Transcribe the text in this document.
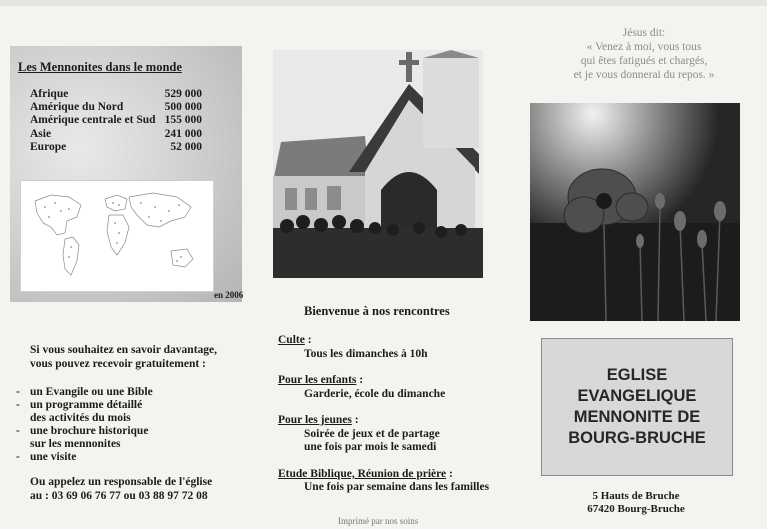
Les Mennonites dans le monde
Afrique	529 000
Amérique du Nord	500 000
Amérique centrale et Sud 155 000
Asie	241 000
Europe	52 000
en 2006
Si vous souhaitez en savoir davantage,
vous pouvez recevoir gratuitement :
- un Evangile ou une Bible
- un programme détaillé
des activités du mois
- une brochure historique
sur les mennonites
- une visite
Ou appelez un responsable de l'église
au : 03 69 06 76 77 ou 03 88 97 72 08
Bienvenue à nos rencontres
Culte :
Tous les dimanches à 10h
Pour les enfants :
Garderie, école du dimanche
Pour les jeunes :
Soirée de jeux et de partage
une fois par mois le samedi
Etude Biblique, Réunion de prière :
Une fois par semaine dans les familles
Imprimé par nos soins
Jésus dit:
« Venez à moi, vous tous
qui êtes fatigués et chargés,
et je vous donnerai du repos. »
EGLISE
EVANGELIQUE
MENNONITE DE
BOURG-BRUCHE
5 Hauts de Bruche
67420 Bourg-Bruche
